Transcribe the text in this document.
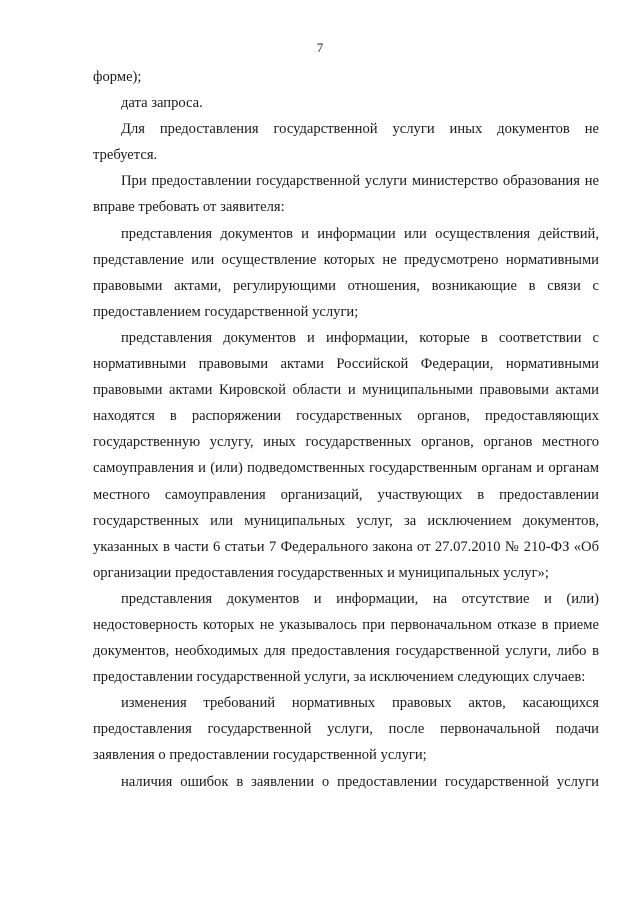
7

форме);

дата запроса.

Для предоставления государственной услуги иных документов не требуется.

При предоставлении государственной услуги министерство образования не вправе требовать от заявителя:

представления документов и информации или осуществления действий, представление или осуществление которых не предусмотрено нормативными правовыми актами, регулирующими отношения, возникающие в связи с предоставлением государственной услуги;

представления документов и информации, которые в соответствии с нормативными правовыми актами Российской Федерации, нормативными правовыми актами Кировской области и муниципальными правовыми актами находятся в распоряжении государственных органов, предоставляющих государственную услугу, иных государственных органов, органов местного самоуправления и (или) подведомственных государственным органам и органам местного самоуправления организаций, участвующих в предоставлении государственных или муниципальных услуг, за исключением документов, указанных в части 6 статьи 7 Федерального закона от 27.07.2010 № 210-ФЗ «Об организации предоставления государственных и муниципальных услуг»;

представления документов и информации, на отсутствие и (или) недостоверность которых не указывалось при первоначальном отказе в приеме документов, необходимых для предоставления государственной услуги, либо в предоставлении государственной услуги, за исключением следующих случаев:

изменения требований нормативных правовых актов, касающихся предоставления государственной услуги, после первоначальной подачи заявления о предоставлении государственной услуги;

наличия ошибок в заявлении о предоставлении государственной услуги
